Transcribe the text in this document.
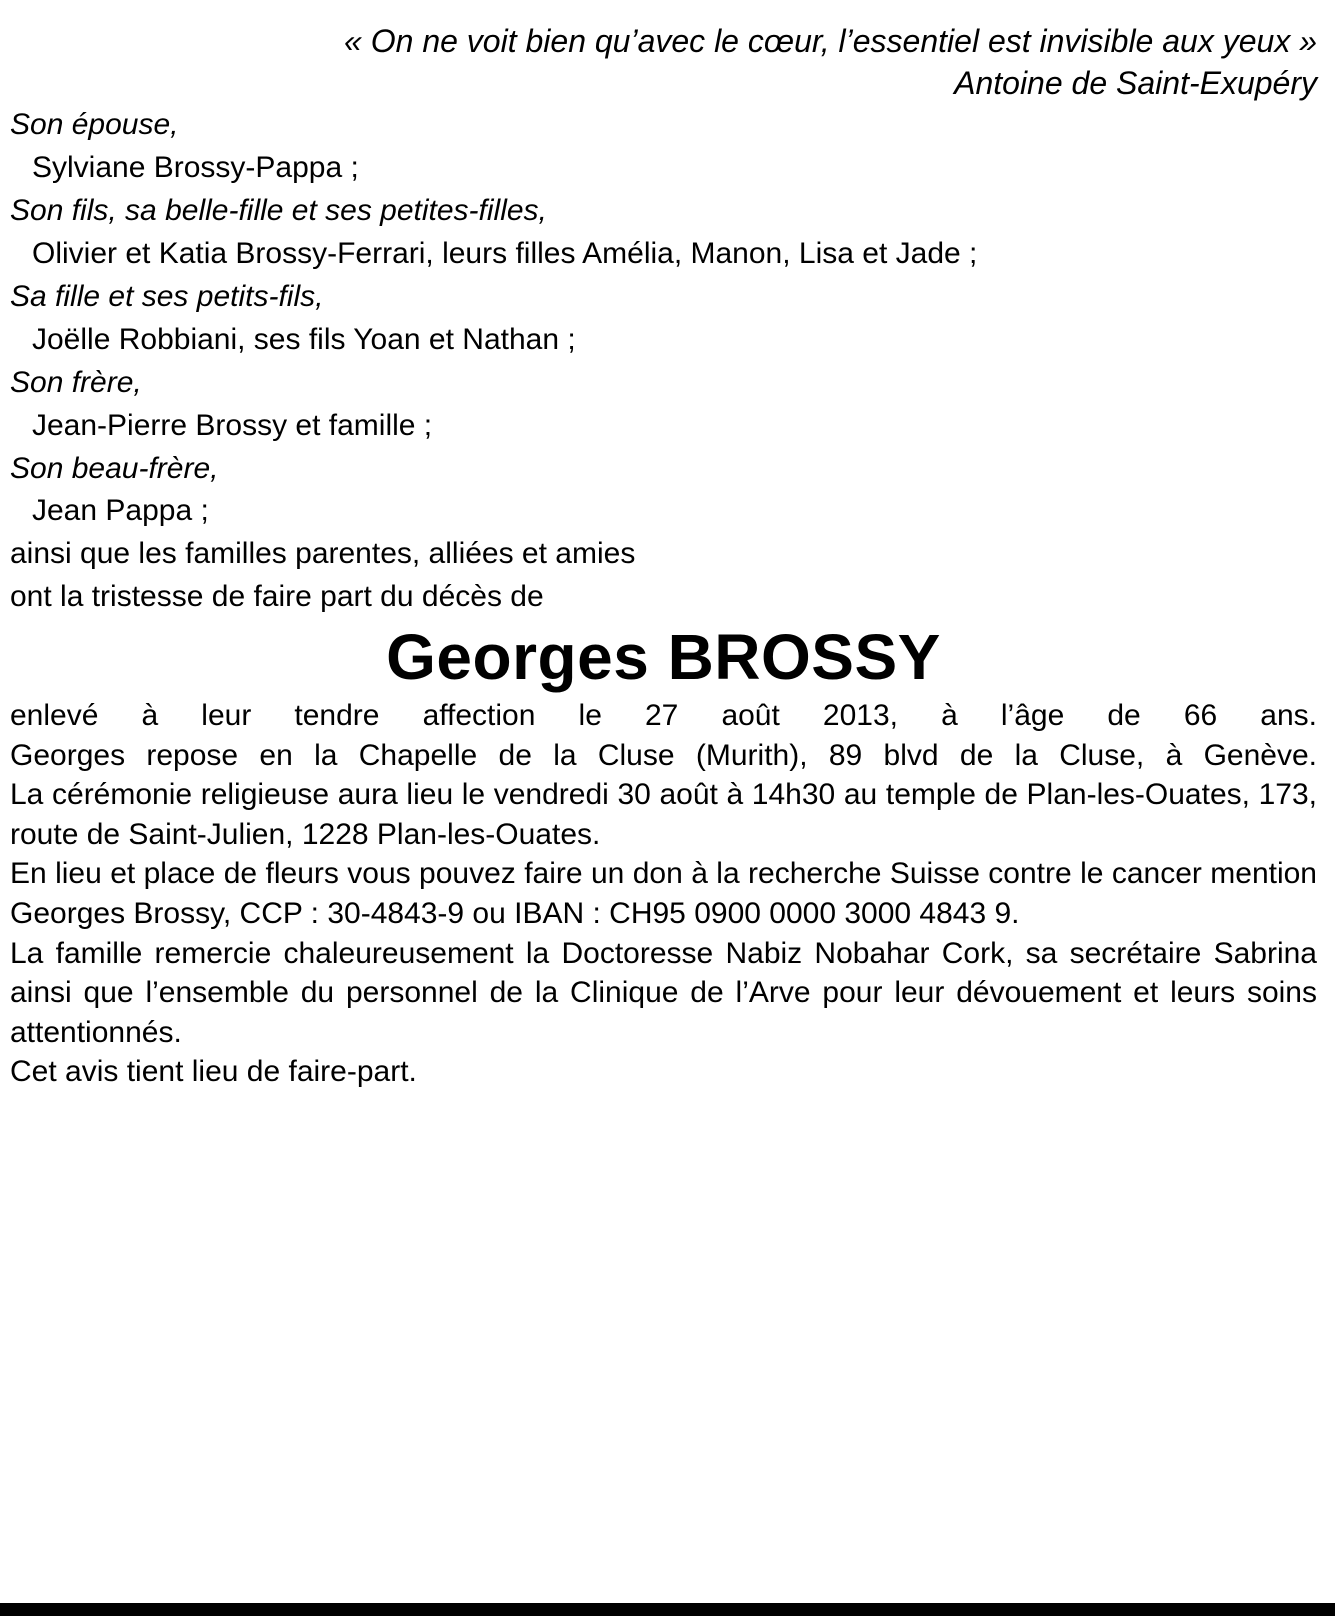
« On ne voit bien qu’avec le cœur, l’essentiel est invisible aux yeux »
Antoine de Saint-Exupéry
Son épouse,
Sylviane Brossy-Pappa ;
Son fils, sa belle-fille et ses petites-filles,
Olivier et Katia Brossy-Ferrari, leurs filles Amélia, Manon, Lisa et Jade ;
Sa fille et ses petits-fils,
Joëlle Robbiani, ses fils Yoan et Nathan ;
Son frère,
Jean-Pierre Brossy et famille ;
Son beau-frère,
Jean Pappa ;

ainsi que les familles parentes, alliées et amies

ont la tristesse de faire part du décès de

Georges BROSSY

enlevé à leur tendre affection le 27 août 2013, à l’âge de 66 ans.

Georges repose en la Chapelle de la Cluse (Murith), 89 blvd de la Cluse, à Genève.

La cérémonie religieuse aura lieu le vendredi 30 août à 14h30 au temple de Plan-les-Ouates, 173, route de Saint-Julien, 1228 Plan-les-Ouates.

En lieu et place de fleurs vous pouvez faire un don à la recherche Suisse contre le cancer mention Georges Brossy, CCP : 30-4843-9 ou IBAN : CH95 0900 0000 3000 4843 9.

La famille remercie chaleureusement la Doctoresse Nabiz Nobahar Cork, sa secrétaire Sabrina ainsi que l’ensemble du personnel de la Clinique de l’Arve pour leur dévouement et leurs soins attentionnés.

Cet avis tient lieu de faire-part.
